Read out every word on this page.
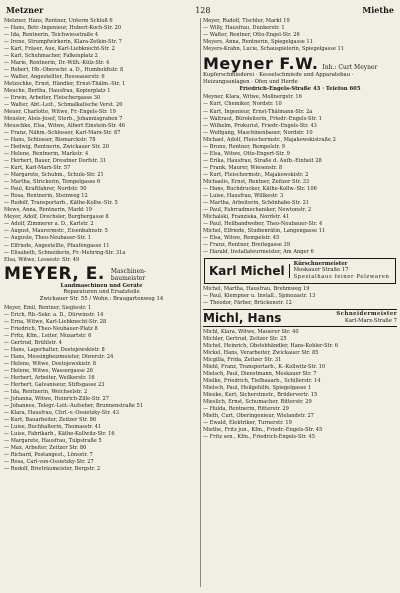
Metzner	128	Miethe
Metzner, Hans, Rentner, Unterm Schloß 6
— Hans, Betr.-Ingenieur, Hubert-Koch-Str. 20
— Ida, Rentnerin, Teichwiesstraße 4
— Irene, Strumpfwirkerin, Klara-Zetkin-Str. 7
— Karl, Fräser, Aue, Karl-Liebknecht-Str. 2
— Karl, Schuhmacher, Falkenplatz 2
— Marie, Rentnerin, Dr.-Wilh.-Külz-Str. 4
— Robert, Hb.-Oberschr. a. D., Humboldtstr. 8
— Walter, Angestellter, Rosseauerstr. 6
Metzschke, Ernst, Händler, Ernst-Thälm.-Str. 1
Meuche, Bertha, Hausfrau, Kopierplatz 1
— Erwin, Arbeiter, Fleischergasse 30
— Walter, Abt.-Leit., Schmalkalische Verst. 20
Meuer, Charlotte, Witwe, Fr.-Engels-Str. 19
Meusler, Alois-Josef, Sterb., Johannisgraben 7
Meuschke, Elsa, Witwe, Albert Einstein-Str. 46
— Franz, Nähm.-Schlosser, Karl-Marx-Str. 87
— Hans, Schlosser, Bismarckstr. 78
— Hedwig, Rentnerin, Zwickauer Str. 20
— Helene, Rentnerin, Markstr. 4
— Herbert, Bauer, Dresdner Dorfstr. 31
— Kurt, Karl-Marx-Str. 57
— Margarete, Schuhm., Schule-Str. 21
— Martha, Strickerin, Tempelgasse 6
— Paul, Kraftfahrer, Nordstr. 50
— Rosa, Rentnerin, Steinweg 12
— Rudolf, Transportarb., Käthe-Kollw.-Str. 5
Mews, Anna, Rentnerin, Markt 19
Meyer, Adolf, Drechsler, Burgbergasse 8
— Adolf, Zimmerer a. D., Karlstr. 2
— August, Maurermstr., Eisenbahnstr. 5
— Auguste, Theo-Neubauer-Str. 1
— Elfriede, Angestellte, Pfaufengasse 11
— Elisabeth, Schneiderin, Fr.-Mehring-Str. 31a
Elsa, Witwe, Lessestr. Str. 49
MEYER, E. Maschinen-
baumeister
Landmaschinen und Geräte
Reparaturen und Ersatzteile
Zwickauer Str. 55 / Wohn.: Braugartenweg 14
Meyer, Emil, Rentner, Siegtestr. 1
— Erich, Rb.-Sekr. a. D., Dürwinstr. 14
— Erna, Witwe, Karl-Liebknecht-Str. 28
— Friedrich, Theo-Neubauer-Platz 8
— Fritz, Kfm., Leiter, Mozartstr. 6
— Gertrud, Brühlstr. 4
— Hans, Lagerhalter, Dostojewskistr. 8
— Hans, Messingheizmeister, Dürerstr. 24
— Helene, Witwe, Dostojewskistr. 8
— Helene, Witwe, Wassergasse 26
— Herbert, Arbeiter, Weilkerstr. 16
— Herbert, Galvaniseur, Stiftsgasse 23
— Ida, Rentnerin, Weichselstr. 2
— Johanna, Witwe, Heinrich-Zille-Str. 27
— Johannes, Telegr.-Leit.-Aufseher, Brunnenstraße 51
— Klara, Hausfrau, Chrl.-v.-Ossietzky-Str. 43
— Kurt, Bauarbeiter, Zeitzer Str. 86
— Luise, Buchhalterin, Thomasstr. 41
— Luise, Fabrikarb., Käthe-Kollwitz-Str. 16
— Margarete, Hausfrau, Tulpstraße 5
— Max, Arbeiter, Zeitzer Str. 80
— Richard, Postangest., Lönsstr. 7
— Rosa, Carl-von-Ossietzky-Str. 27
— Rudolf, Brieträumeister, Bergstr. 2
Meyer, Rudolf, Tischler, Markt 19
— Willy, Hausfrau, Dunkerstr. 1
— Walter, Rentner, Otto-Engel-Str. 26
Meyers, Anna, Rentnerin, Spiegelgasse 11
Meyers-Krahn, Lucie, Schauspielerin, Spiegelgasse 11
Meyner F.W. Inh.: Curt Meyner
Kupferschmiederei · Kesselschmiede und Apparatebau · Heizungsanlagen · Ofen und Herde
Friedrich-Engels-Straße 43 · Telefon 605
Meyner, Klara, Witwe, Mollnergstr. 16
— Kurt, Chemiker, Nordstr. 10
— Kurt, Ingenieur, Ernst-Thälmann-Str. 2a
— Waltraut, Büroleiterin, Friedr.-Engels-Str. 1
— Wilhelm, Prokurist, Friedr.-Engels-Str. 43
— Wolfgang, Maschinenbauer, Nordstr. 10
Michael, Adolf, Fleischermstr., Majakowskistraße 2
— Bruno, Rentner, Rempelstr. 9
— Elsa, Witwe, Otto-Engert-Str. 9
— Erika, Hausfrau, Straße d. Aufb.-Einheit 28
— Frank, Maurer, Wiesenstr. 8
— Kurt, Fleischermstr., Majakowskistr. 2
Michaelis, Ernst, Rentner, Zeitzer Str. 33
— Hans, Buchdrucker, Käthe-Kollw.-Str. 106
— Luise, Hausfrau, Willkestr. 3
— Martha, Arbeiterin, Schönhabe-Str. 21
— Paul, Fahrradmechaniker, Newtonstr. 2
Michalski, Franziska, Nordstr. 41
— Paul, Heilbandweber, Theo-Neubauer-Str. 4
Michel, Elfriede, Studienrätin, Langengasse 11
— Elsa, Witwe, Rempelstr. 45
— Franz, Rentner, Breitegasse 39
— Harald, Installateurmeister, Am Anger 6
Karl Michel	Kürschnermeister
Moskauer Straße 17
Spezialhaus feiner Pelzwaren
Michel, Martha, Hausfrau, Brehmweg 19
— Paul, Klempner u. Install., Spinozastr. 13
— Theodor, Färber, Brückenstr. 12
Michl, Hans	Schneidermeister
Karl-Marx-Straße 7
Michl, Klara, Witwe, Mauerer Str. 40
Michler, Gertrud, Zeitzer Str. 25
Michel, Heinrich, Obstsbhändler, Hans-Kohler-Str. 6
Mickel, Hans, Verarbeiter, Zwickauer Str. 85
Micgilla, Frida, Zeitzer Str. 31
Miehl, Franz, Transportarb., K.-Kollwitz-Str. 10
Mielsch, Paul, Dienstmann, Moskauer Str. 7
Mielke, Friedrich, Tiefbauarb., Schillerstr. 14
Mielsch, Paul, Heilgehilfe, Spiegelgasse 1
Mieske, Kurt, Sicherstmstr., Brüdervertr. 15
Mieslich, Ernst, Schumacher, Ritterstr. 29
— Hulda, Rentnerin, Ritterstr. 29
Mieth, Curt, Oberingenieur, Wielandstr. 27
— Ewald, Elektriker, Turnerstr. 19
Miethe, Fritz jun., Kfm., Friedr.-Engels-Str. 45
— Fritz sen., Kfm., Friedrich-Engels-Str. 45
